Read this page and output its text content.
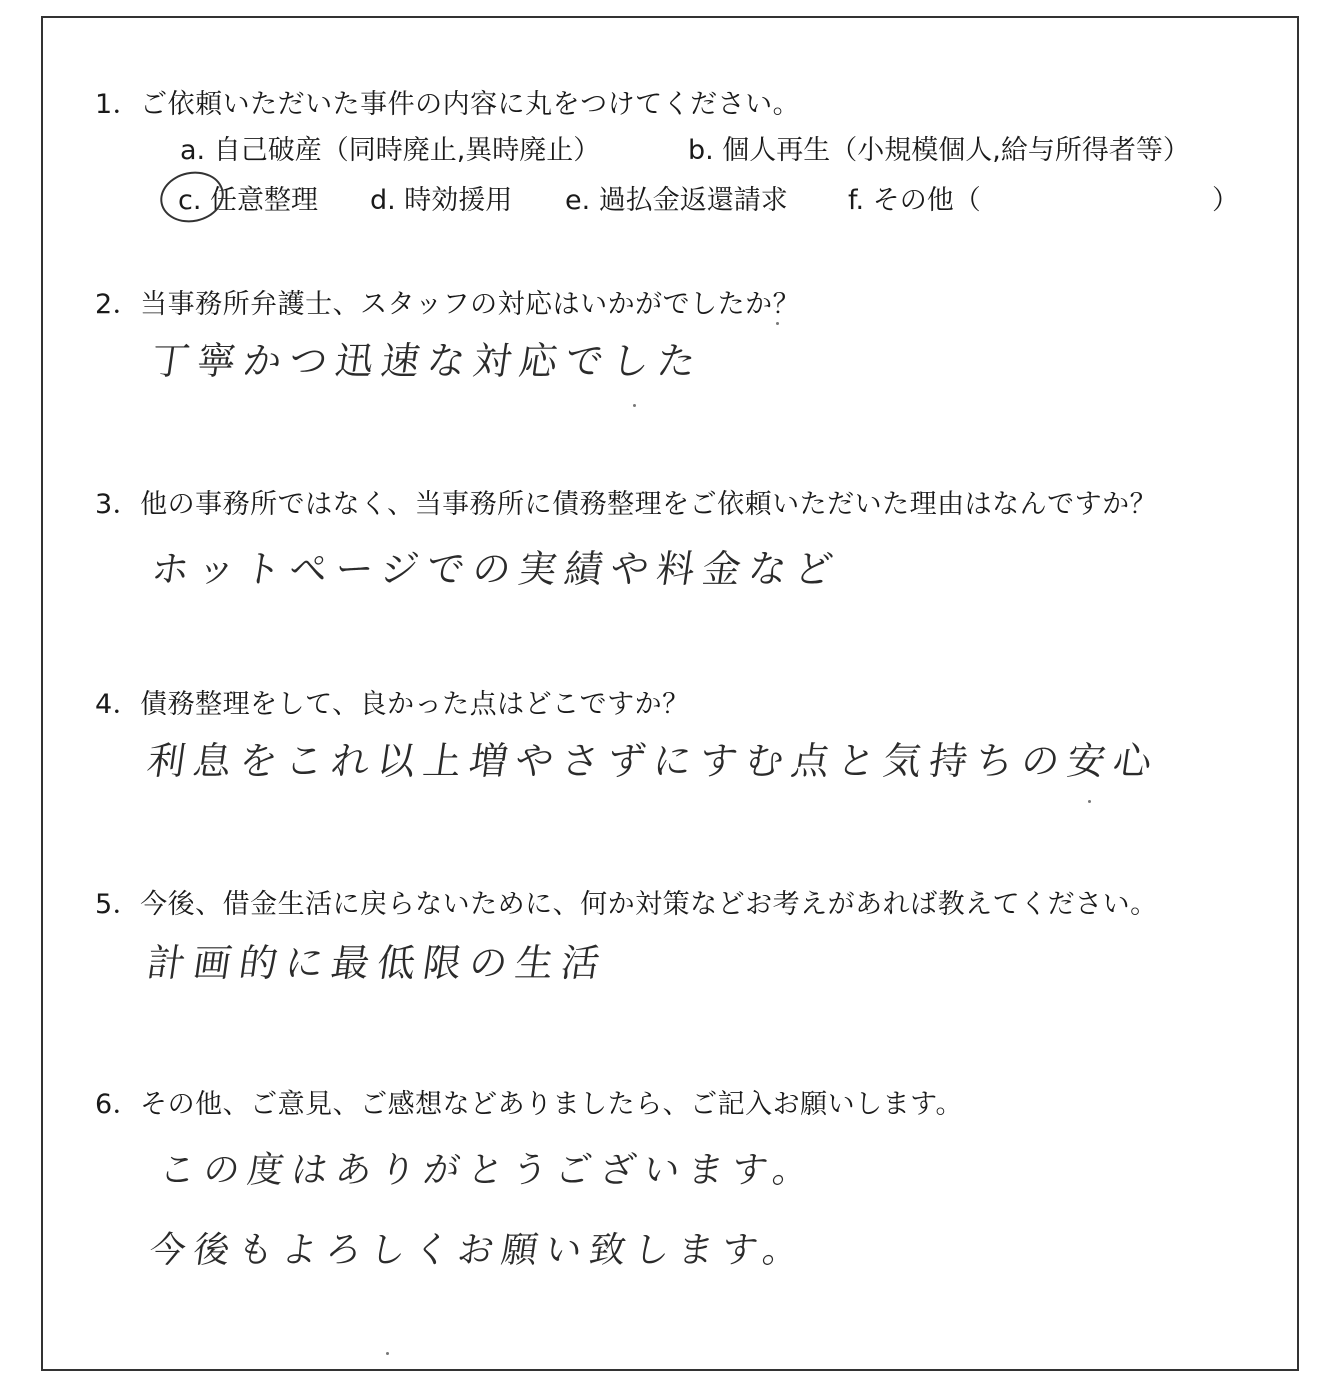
1．ご依頼いただいた事件の内容に丸をつけてください。
a. 自己破産（同時廃止,異時廃止）	b. 個人再生（小規模個人,給与所得者等）
c. 任意整理 d. 時効援用 e. 過払金返還請求 f. その他（	）
2．当事務所弁護士、スタッフの対応はいかがでしたか？
丁寧かつ迅速な対応でした
3．他の事務所ではなく、当事務所に債務整理をご依頼いただいた理由はなんですか？
ホットページでの実績や料金など
4．債務整理をして、良かった点はどこですか？
利息をこれ以上増やさずにすむ点と気持ちの安心
5．今後、借金生活に戻らないために、何か対策などお考えがあれば教えてください。
計画的に最低限の生活
6．その他、ご意見、ご感想などありましたら、ご記入お願いします。
この度はありがとうございます。
今後もよろしくお願い致します。
